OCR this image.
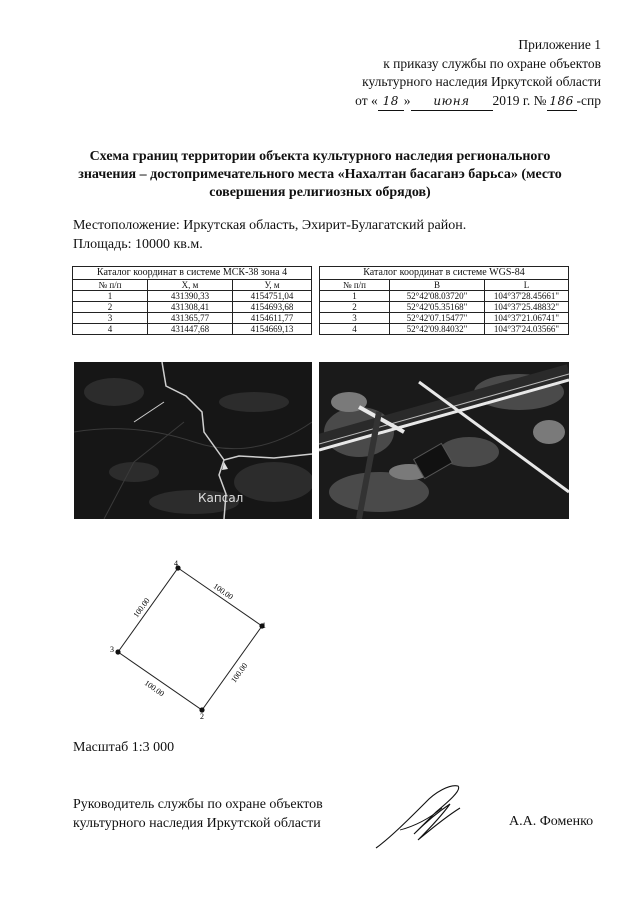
Приложение 1
к приказу службы по охране объектов
культурного наследия Иркутской области
от « 18 » июня 2019 г. № 186 -спр
Схема границ территории объекта культурного наследия регионального значения – достопримечательного места «Нахалтан басаганэ барьса» (место совершения религиозных обрядов)
Местоположение: Иркутская область, Эхирит-Булагатский район.
Площадь: 10000 кв.м.
Каталог координат в системе МСК-38 зона 4		
№ п/п	X, м	У, м
1	431390,33	4154751,04
2	431308,41	4154693,68
3	431365,77	4154611,77
4	431447,68	4154669,13
Каталог координат в системе WGS-84		
№ п/п	B	L
1	52°42'08.03720"	104°37'28.45661"
2	52°42'05.35168"	104°37'25.48832"
3	52°42'07.15477"	104°37'21.06741"
4	52°42'09.84032"	104°37'24.03566"
Капсал
1
2
3
4
100.00
100.00
100.00
100.00
Масштаб 1:3 000
Руководитель службы по охране объектов
культурного наследия Иркутской области	А.А. Фоменко
